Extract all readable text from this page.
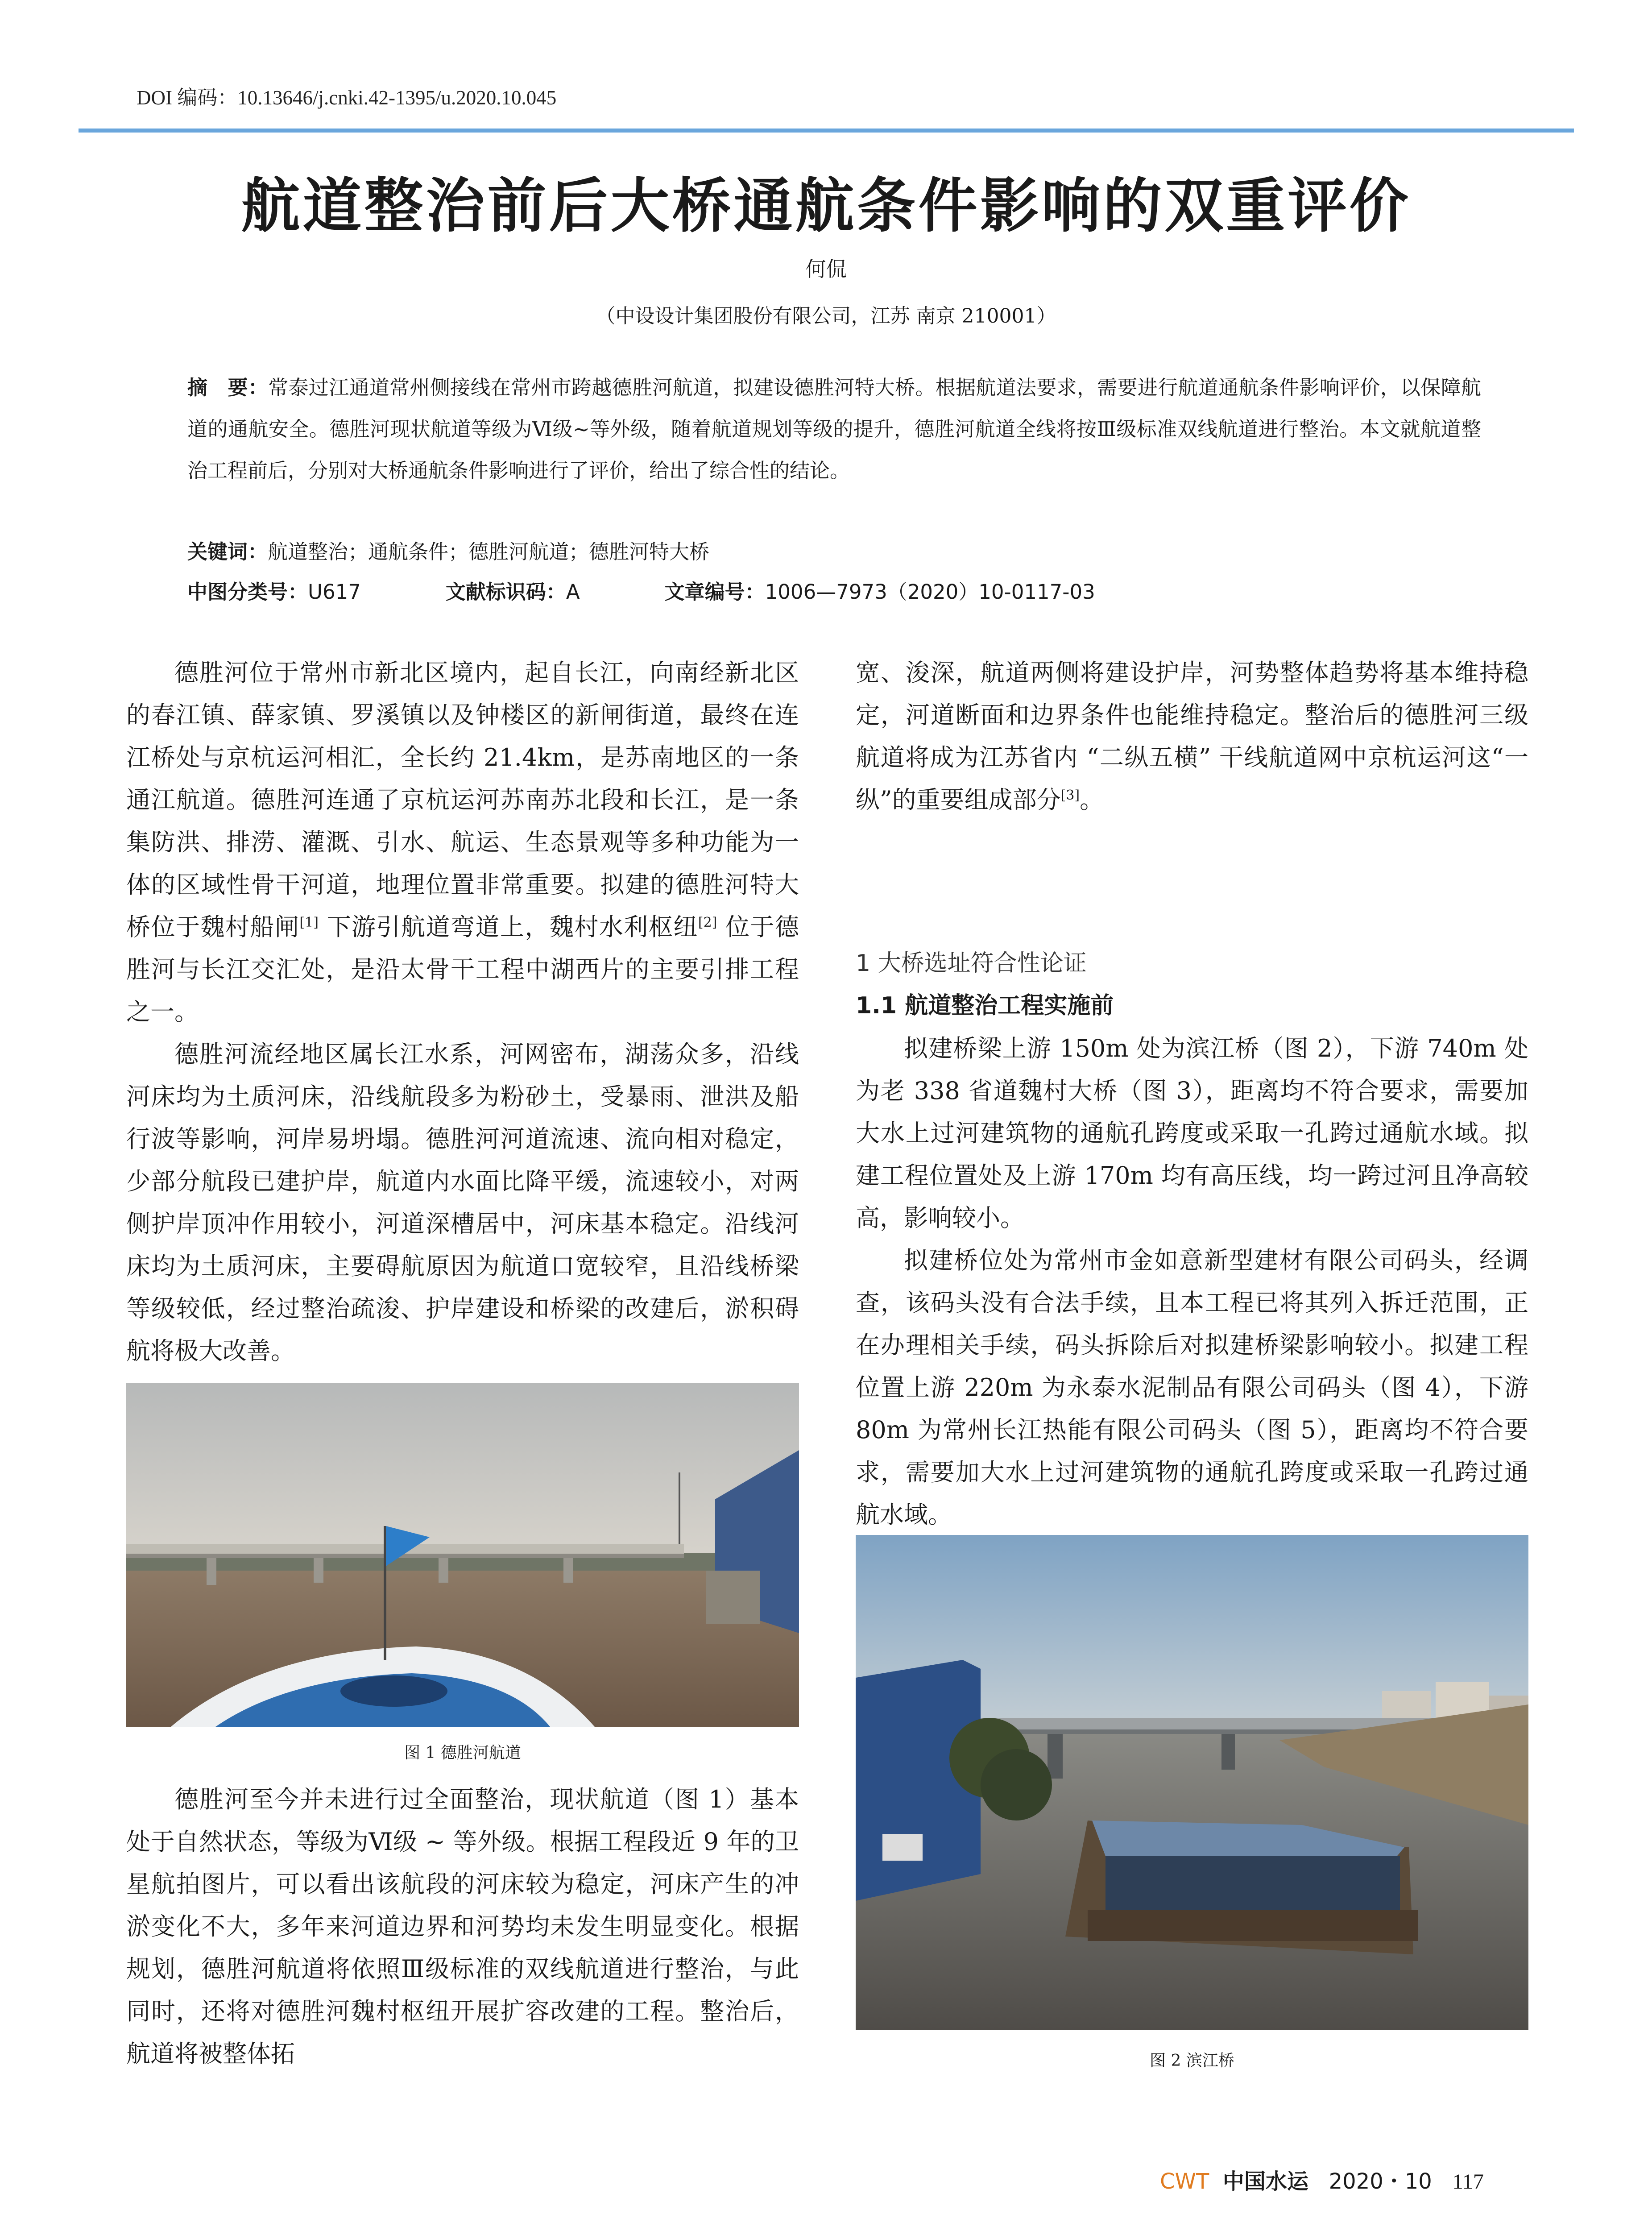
DOI 编码：10.13646/j.cnki.42-1395/u.2020.10.045
航道整治前后大桥通航条件影响的双重评价
何侃
（中设设计集团股份有限公司，江苏 南京 210001）
摘　要：常泰过江通道常州侧接线在常州市跨越德胜河航道，拟建设德胜河特大桥。根据航道法要求，需要进行航道通航条件影响评价，以保障航道的通航安全。德胜河现状航道等级为Ⅵ级~等外级，随着航道规划等级的提升，德胜河航道全线将按Ⅲ级标准双线航道进行整治。本文就航道整治工程前后，分别对大桥通航条件影响进行了评价，给出了综合性的结论。
关键词：航道整治；通航条件；德胜河航道；德胜河特大桥
中图分类号：U617	文献标识码：A	文章编号：1006—7973（2020）10-0117-03

德胜河位于常州市新北区境内，起自长江，向南经新北区的春江镇、薛家镇、罗溪镇以及钟楼区的新闸街道，最终在连江桥处与京杭运河相汇，全长约 21.4km，是苏南地区的一条通江航道。德胜河连通了京杭运河苏南苏北段和长江，是一条集防洪、排涝、灌溉、引水、航运、生态景观等多种功能为一体的区域性骨干河道，地理位置非常重要。拟建的德胜河特大桥位于魏村船闸[1] 下游引航道弯道上，魏村水利枢纽[2] 位于德胜河与长江交汇处，是沿太骨干工程中湖西片的主要引排工程之一。

德胜河流经地区属长江水系，河网密布，湖荡众多，沿线河床均为土质河床，沿线航段多为粉砂土，受暴雨、泄洪及船行波等影响，河岸易坍塌。德胜河河道流速、流向相对稳定，少部分航段已建护岸，航道内水面比降平缓，流速较小，对两侧护岸顶冲作用较小，河道深槽居中，河床基本稳定。沿线河床均为土质河床，主要碍航原因为航道口宽较窄，且沿线桥梁等级较低，经过整治疏浚、护岸建设和桥梁的改建后，淤积碍航将极大改善。

图 1 德胜河航道

德胜河至今并未进行过全面整治，现状航道（图 1）基本处于自然状态，等级为Ⅵ级 ~ 等外级。根据工程段近 9 年的卫星航拍图片，可以看出该航段的河床较为稳定，河床产生的冲淤变化不大，多年来河道边界和河势均未发生明显变化。根据规划，德胜河航道将依照Ⅲ级标准的双线航道进行整治，与此同时，还将对德胜河魏村枢纽开展扩容改建的工程。整治后，航道将被整体拓

宽、浚深，航道两侧将建设护岸，河势整体趋势将基本维持稳定，河道断面和边界条件也能维持稳定。整治后的德胜河三级航道将成为江苏省内 “二纵五横” 干线航道网中京杭运河这“一纵”的重要组成部分[3]。

1 大桥选址符合性论证
1.1 航道整治工程实施前

拟建桥梁上游 150m 处为滨江桥（图 2），下游 740m 处为老 338 省道魏村大桥（图 3），距离均不符合要求，需要加大水上过河建筑物的通航孔跨度或采取一孔跨过通航水域。拟建工程位置处及上游 170m 均有高压线，均一跨过河且净高较高，影响较小。

拟建桥位处为常州市金如意新型建材有限公司码头，经调查，该码头没有合法手续，且本工程已将其列入拆迁范围，正在办理相关手续，码头拆除后对拟建桥梁影响较小。拟建工程位置上游 220m 为永泰水泥制品有限公司码头（图 4），下游 80m 为常州长江热能有限公司码头（图 5），距离均不符合要求，需要加大水上过河建筑物的通航孔跨度或采取一孔跨过通航水域。

图 2 滨江桥
CWT 中国水运 2020・10 117
